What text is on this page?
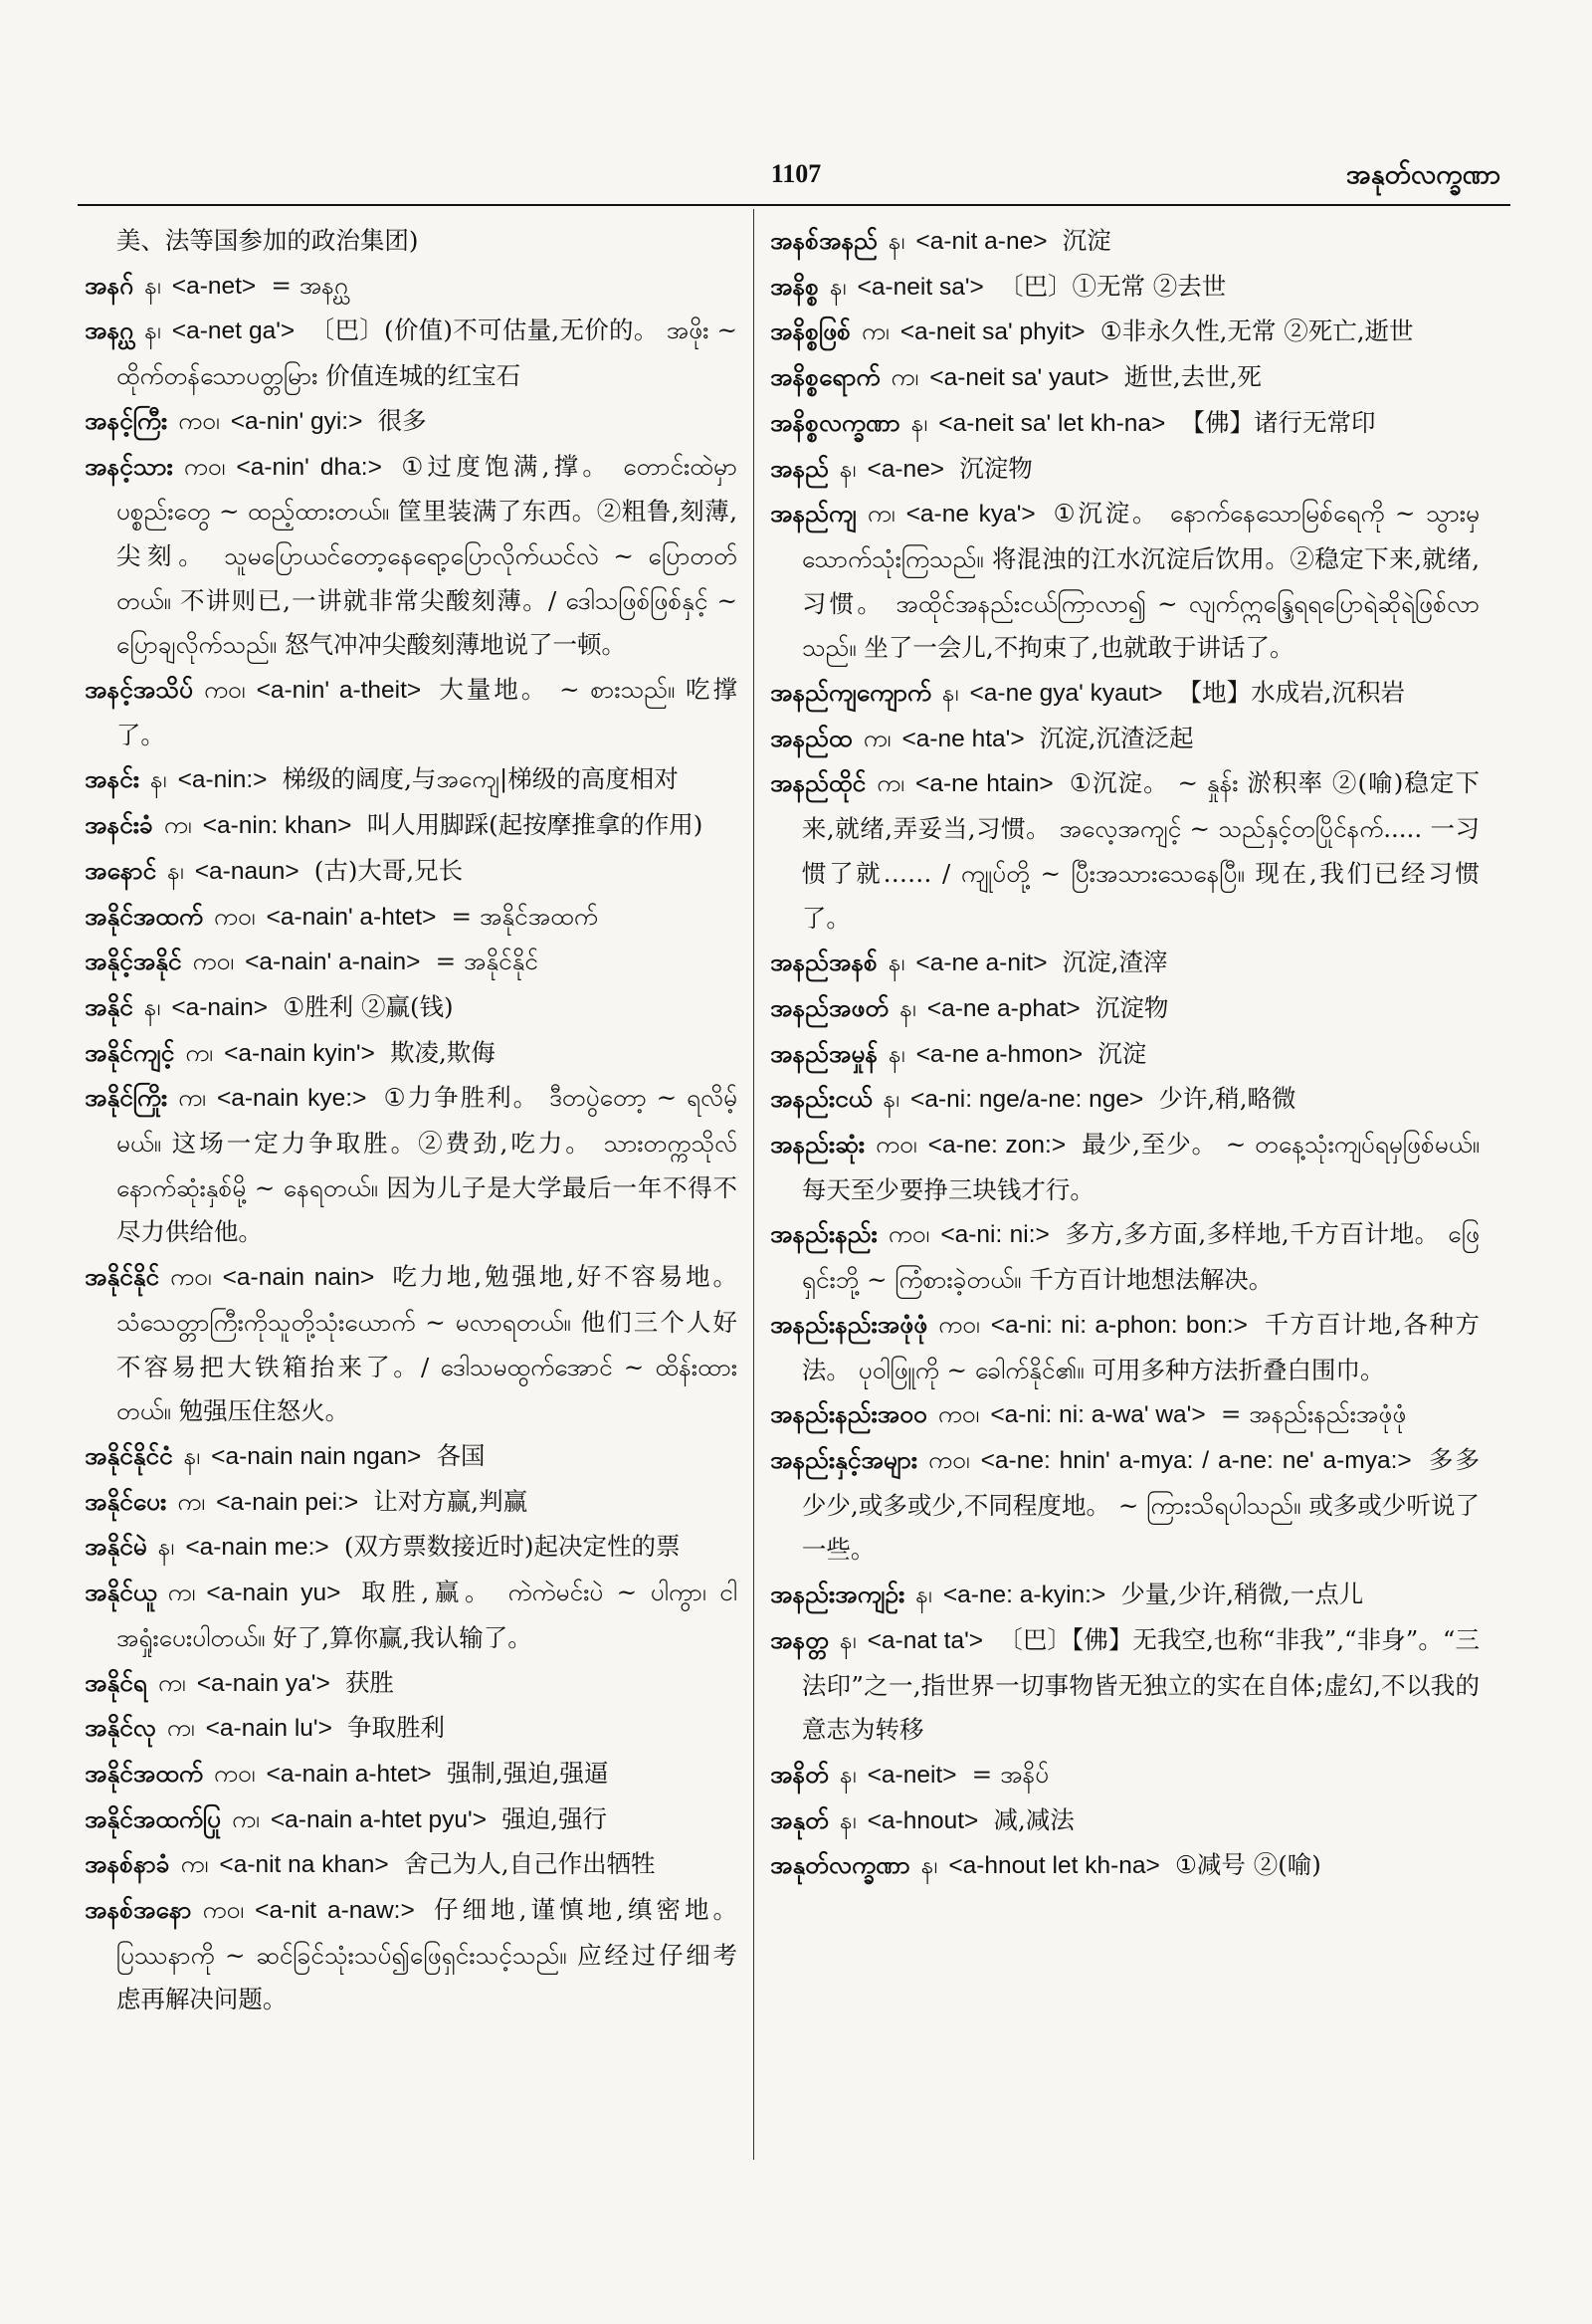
1107	အနုတ်လက္ခဏာ

美、法等国参加的政治集团)

အနဂ် န၊ <a-net> = အနဂ္ဃ

အနဂ္ဃ န၊ <a-net ga'> 〔巴〕(价值)不可估量,无价的。 အဖိုး ~ ထိုက်တန်သောပတ္တမြား 价值连城的红宝石

အနင့်ကြီး ကဝ၊ <a-nin' gyi:> 很多

အနင့်သား ကဝ၊ <a-nin' dha:> ①过度饱满,撑。 တောင်းထဲမှာပစ္စည်းတွေ ~ ထည့်ထားတယ်။ 筐里装满了东西。②粗鲁,刻薄,尖刻。 သူမပြောယင်တော့နေရော့ပြောလိုက်ယင်လဲ ~ ပြောတတ်တယ်။ 不讲则已,一讲就非常尖酸刻薄。/ ဒေါသဖြစ်ဖြစ်နှင့် ~ ပြောချလိုက်သည်။ 怒气冲冲尖酸刻薄地说了一顿。

အနင့်အသိပ် ကဝ၊ <a-nin' a-theit> 大量地。 ~ စားသည်။ 吃撑了。

အနင်း န၊ <a-nin:> 梯级的阔度,与အကျေ|梯级的高度相对

အနင်းခံ က၊ <a-nin: khan> 叫人用脚踩(起按摩推拿的作用)

အနောင် န၊ <a-naun> (古)大哥,兄长

အနိုင်အထက် ကဝ၊ <a-nain' a-htet> = အနိုင်အထက်

အနိုင့်အနိုင် ကဝ၊ <a-nain' a-nain> = အနိုင်နိုင်

အနိုင် န၊ <a-nain> ①胜利 ②赢(钱)

အနိုင်ကျင့် က၊ <a-nain kyin'> 欺凌,欺侮

အနိုင်ကြိုး က၊ <a-nain kye:> ①力争胜利。 ဒီတပွဲတော့ ~ ရလိမ့်မယ်။ 这场一定力争取胜。②费劲,吃力。 သားတက္ကသိုလ်နောက်ဆုံးနှစ်မို့ ~ နေရတယ်။ 因为儿子是大学最后一年不得不尽力供给他。

အနိုင်နိုင် ကဝ၊ <a-nain nain> 吃力地,勉强地,好不容易地。 သံသေတ္တာကြီးကိုသူတို့သုံးယောက် ~ မလာရတယ်။ 他们三个人好不容易把大铁箱抬来了。/ ဒေါသမထွက်အောင် ~ ထိန်းထားတယ်။ 勉强压住怒火。

အနိုင်နိုင်ငံ န၊ <a-nain nain ngan> 各国

အနိုင်ပေး က၊ <a-nain pei:> 让对方赢,判赢

အနိုင်မဲ န၊ <a-nain me:> (双方票数接近时)起决定性的票

အနိုင်ယူ က၊ <a-nain yu> 取胜,赢。 ကဲကဲမင်းပဲ ~ ပါကွာ၊ ငါအရှုံးပေးပါတယ်။ 好了,算你赢,我认输了。

အနိုင်ရ က၊ <a-nain ya'> 获胜

အနိုင်လု က၊ <a-nain lu'> 争取胜利

အနိုင်အထက် ကဝ၊ <a-nain a-htet> 强制,强迫,强逼

အနိုင်အထက်ပြု က၊ <a-nain a-htet pyu'> 强迫,强行

အနစ်နာခံ က၊ <a-nit na khan> 舍己为人,自己作出牺牲

အနစ်အနော ကဝ၊ <a-nit a-naw:> 仔细地,谨慎地,缜密地。 ပြဿနာကို ~ ဆင်ခြင်သုံးသပ်၍ဖြေရှင်းသင့်သည်။ 应经过仔细考虑再解决问题。

အနစ်အနည် န၊ <a-nit a-ne> 沉淀

အနိစ္စ န၊ <a-neit sa'> 〔巴〕①无常 ②去世

အနိစ္စဖြစ် က၊ <a-neit sa' phyit> ①非永久性,无常 ②死亡,逝世

အနိစ္စရောက် က၊ <a-neit sa' yaut> 逝世,去世,死

အနိစ္စလက္ခဏာ န၊ <a-neit sa' let kh-na> 【佛】诸行无常印

အနည် န၊ <a-ne> 沉淀物

အနည်ကျ က၊ <a-ne kya'> ①沉淀。 နောက်နေသောမြစ်ရေကို ~ သွားမှ သောက်သုံးကြသည်။ 将混浊的江水沉淀后饮用。②稳定下来,就绪,习惯。 အထိုင်အနည်းငယ်ကြာလာ၍ ~ လျက်ဣန္ဒြေရရပြောရဲဆိုရဲဖြစ်လာသည်။ 坐了一会儿,不拘束了,也就敢于讲话了。

အနည်ကျကျောက် န၊ <a-ne gya' kyaut> 【地】水成岩,沉积岩

အနည်ထ က၊ <a-ne hta'> 沉淀,沉渣泛起

အနည်ထိုင် က၊ <a-ne htain> ①沉淀。 ~ နှုန်း 淤积率 ②(喻)稳定下来,就绪,弄妥当,习惯。 အလေ့အကျင့် ~ သည်နှင့်တပြိုင်နက်..... 一习惯了就…… / ကျုပ်တို့ ~ ပြီးအသားသေနေပြီ။ 现在,我们已经习惯了。

အနည်အနစ် န၊ <a-ne a-nit> 沉淀,渣滓

အနည်အဖတ် န၊ <a-ne a-phat> 沉淀物

အနည်အမှုန် န၊ <a-ne a-hmon> 沉淀

အနည်းငယ် န၊ <a-ni: nge/a-ne: nge> 少许,稍,略微

အနည်းဆုံး ကဝ၊ <a-ne: zon:> 最少,至少。 ~ တနေ့သုံးကျပ်ရမှဖြစ်မယ်။ 每天至少要挣三块钱才行。

အနည်းနည်း ကဝ၊ <a-ni: ni:> 多方,多方面,多样地,千方百计地。 ဖြေရှင်းဘို့ ~ ကြံစားခဲ့တယ်။ 千方百计地想法解决。

အနည်းနည်းအဖုံဖုံ ကဝ၊ <a-ni: ni: a-phon: bon:> 千方百计地,各种方法。 ပုဝါဖြူကို ~ ခေါက်နိုင်၏။ 可用多种方法折叠白围巾。

အနည်းနည်းအဝဝ ကဝ၊ <a-ni: ni: a-wa' wa'> = အနည်းနည်းအဖုံဖုံ

အနည်းနှင့်အများ ကဝ၊ <a-ne: hnin' a-mya: / a-ne: ne' a-mya:> 多多少少,或多或少,不同程度地。 ~ ကြားသိရပါသည်။ 或多或少听说了一些。

အနည်းအကျဉ်း န၊ <a-ne: a-kyin:> 少量,少许,稍微,一点儿

အနတ္တ န၊ <a-nat ta'> 〔巴〕【佛】无我空,也称“非我”,“非身”。“三法印”之一,指世界一切事物皆无独立的实在自体;虚幻,不以我的意志为转移

အနိတ် န၊ <a-neit> = အနိပ်

အနုတ် န၊ <a-hnout> 减,减法

အနုတ်လက္ခဏာ န၊ <a-hnout let kh-na> ①减号 ②(喻)
